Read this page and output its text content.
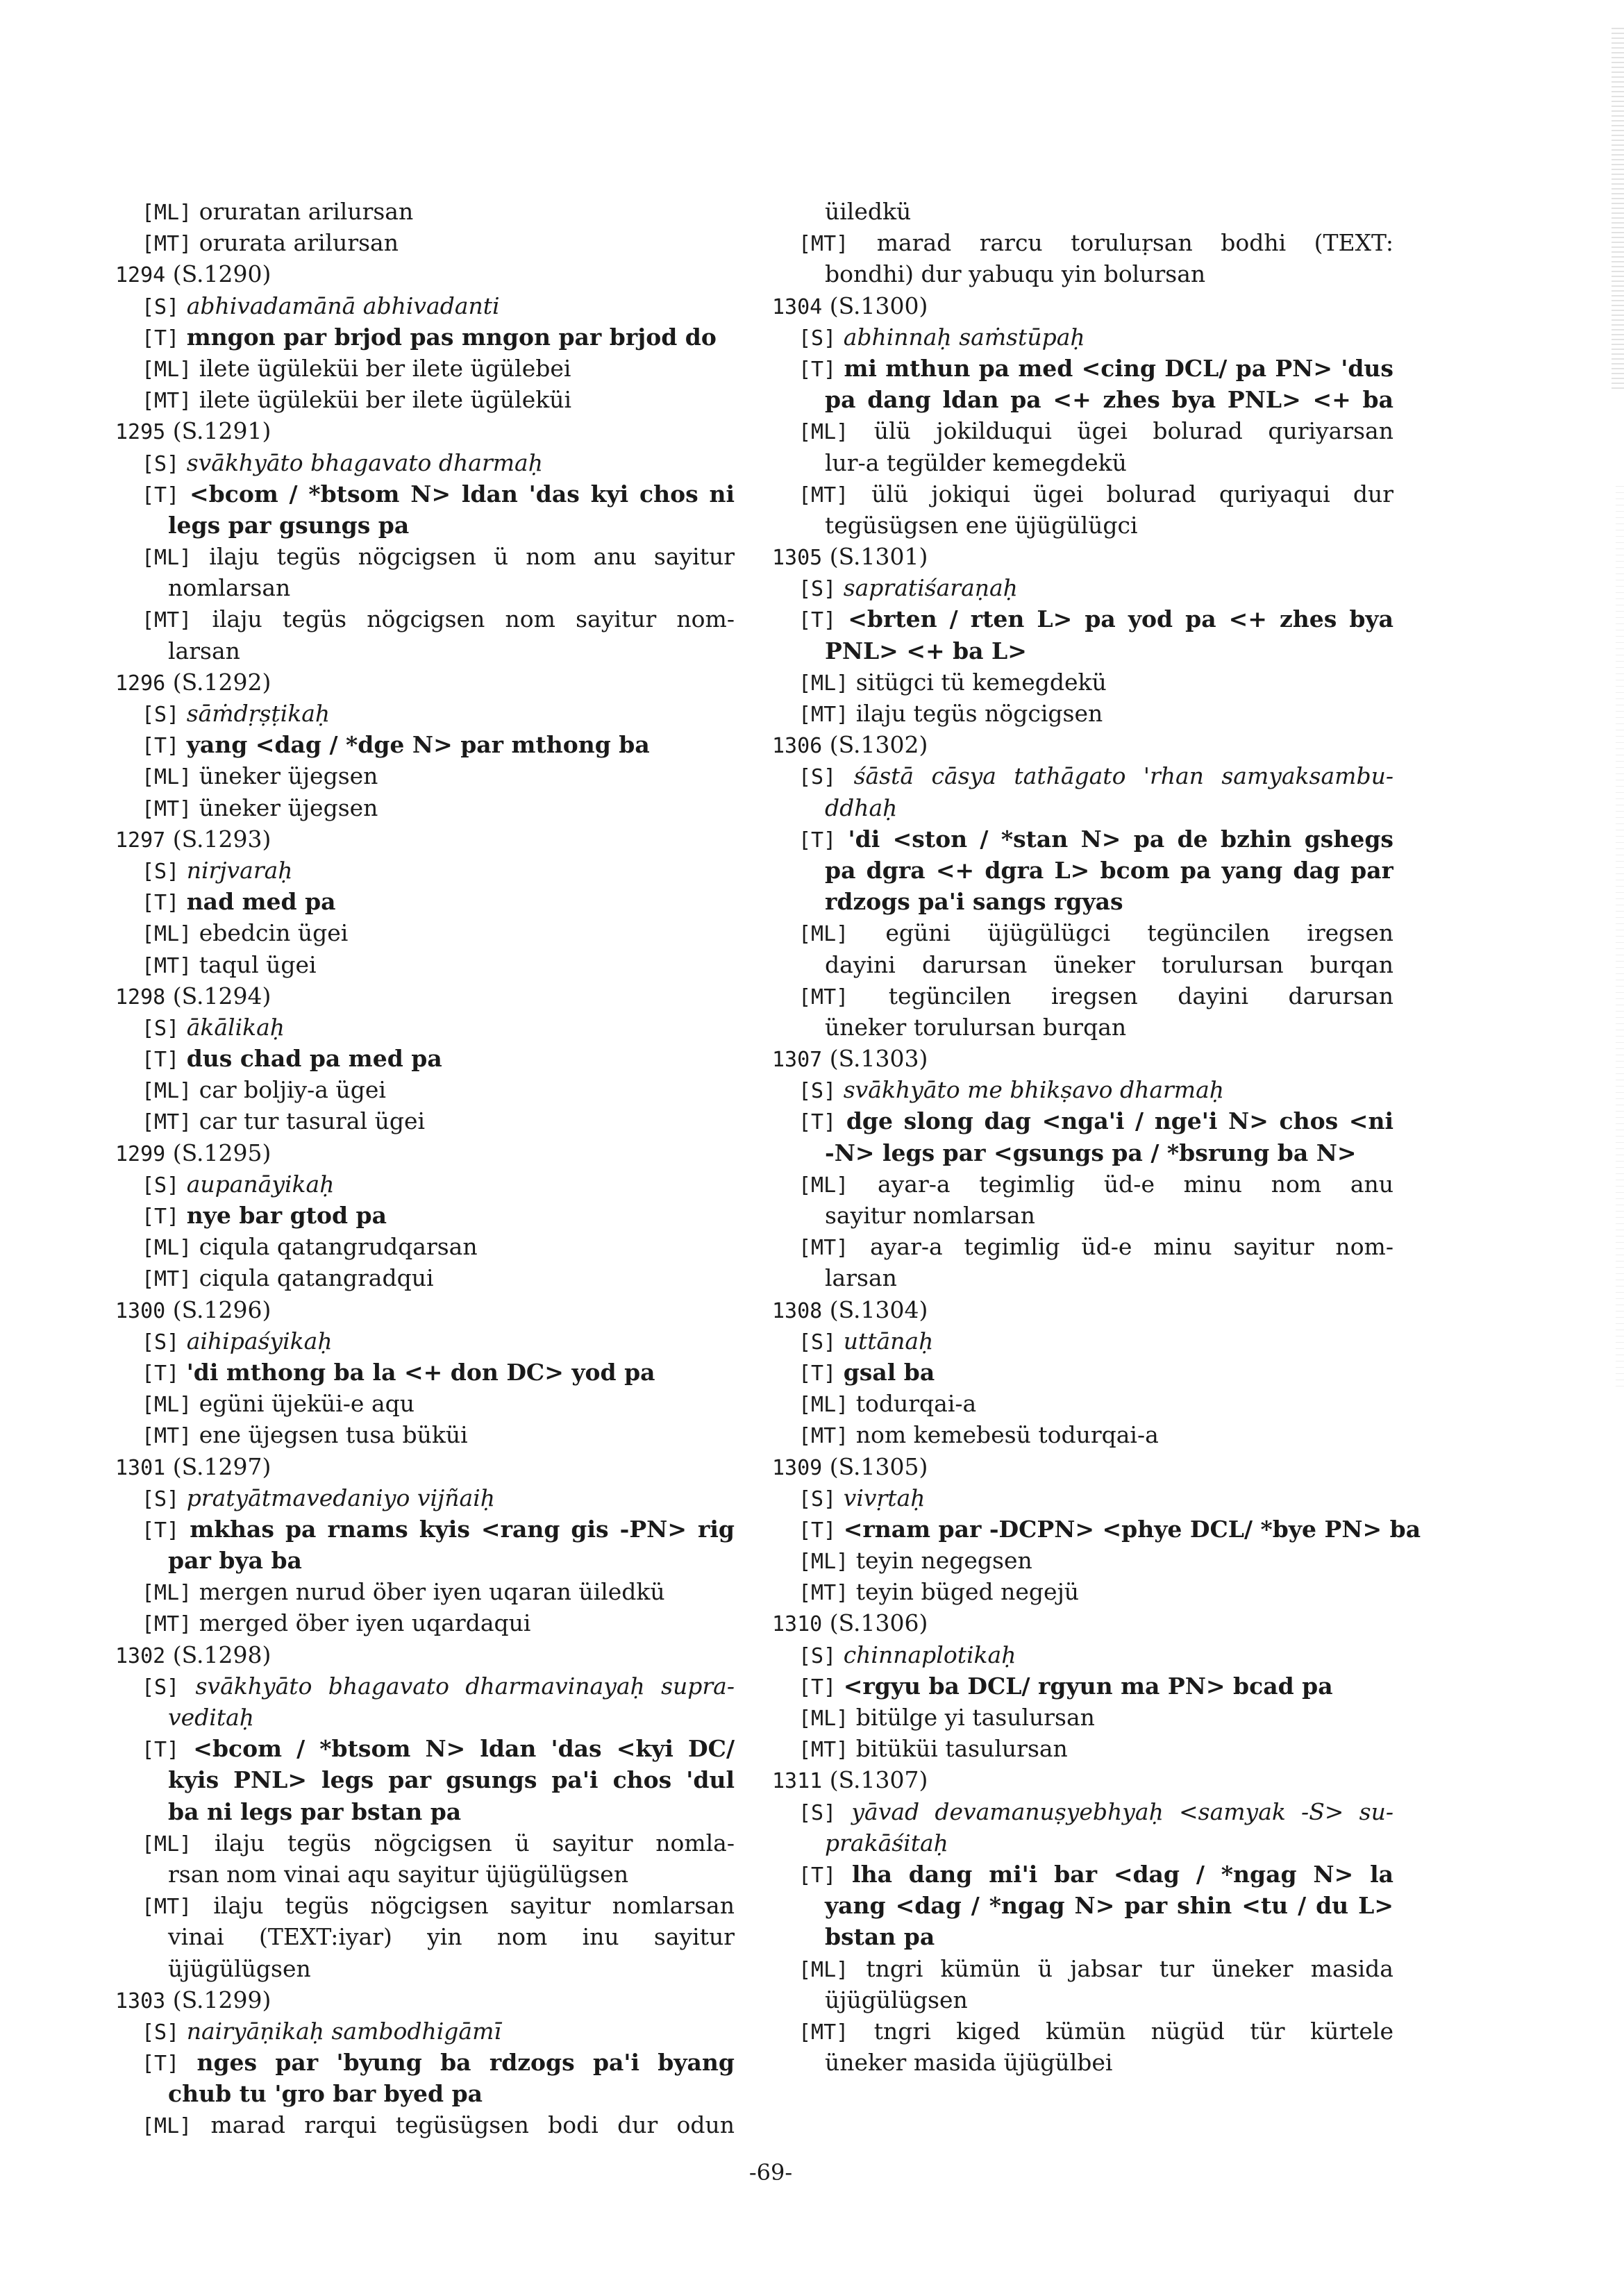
[ML] oruratan arilursan
[MT] orurata arilursan
1294 (S.1290)
[S] abhivadamānā abhivadanti
[T] mngon par brjod pas mngon par brjod do
[ML] ilete ügüleküi ber ilete ügülebei
[MT] ilete ügüleküi ber ilete ügüleküi
1295 (S.1291)
[S] svākhyāto bhagavato dharmaḥ
[T] <bcom / *btsom N> ldan 'das kyi chos ni
legs par gsungs pa
[ML] ilaju tegüs nögcigsen ü nom anu sayitur
nomlarsan
[MT] ilaju tegüs nögcigsen nom sayitur nom-
larsan
1296 (S.1292)
[S] sāṁdṛṣṭikaḥ
[T] yang <dag / *dge N> par mthong ba
[ML] üneker üjegsen
[MT] üneker üjegsen
1297 (S.1293)
[S] nirjvaraḥ
[T] nad med pa
[ML] ebedcin ügei
[MT] taqul ügei
1298 (S.1294)
[S] ākālikaḥ
[T] dus chad pa med pa
[ML] car boljiy-a ügei
[MT] car tur tasural ügei
1299 (S.1295)
[S] aupanāyikaḥ
[T] nye bar gtod pa
[ML] ciqula qatangrudqarsan
[MT] ciqula qatangradqui
1300 (S.1296)
[S] aihipaśyikaḥ
[T] 'di mthong ba la <+ don DC> yod pa
[ML] egüni üjeküi-e aqu
[MT] ene üjegsen tusa büküi
1301 (S.1297)
[S] pratyātmavedaniyo vijñaiḥ
[T] mkhas pa rnams kyis <rang gis -PN> rig
par bya ba
[ML] mergen nurud öber iyen uqaran üiledkü
[MT] merged öber iyen uqardaqui
1302 (S.1298)
[S] svākhyāto bhagavato dharmavinayaḥ supra-
veditaḥ
[T] <bcom / *btsom N> ldan 'das <kyi DC/
kyis PNL> legs par gsungs pa'i chos 'dul
ba ni legs par bstan pa
[ML] ilaju tegüs nögcigsen ü sayitur nomla-
rsan nom vinai aqu sayitur üjügülügsen
[MT] ilaju tegüs nögcigsen sayitur nomlarsan
vinai (TEXT:iyar) yin nom inu sayitur
üjügülügsen
1303 (S.1299)
[S] nairyāṇikaḥ sambodhigāmī
[T] nges par 'byung ba rdzogs pa'i byang
chub tu 'gro bar byed pa
[ML] marad rarqui tegüsügsen bodi dur odun
üiledkü
[MT] marad rarcu toruluṛsan bodhi (TEXT:
bondhi) dur yabuqu yin bolursan
1304 (S.1300)
[S] abhinnaḥ saṁstūpaḥ
[T] mi mthun pa med <cing DCL/ pa PN> 'dus
pa dang ldan pa <+ zhes bya PNL> <+ ba
[ML] ülü jokilduqui ügei bolurad quriyarsan
lur-a tegülder kemegdekü
[MT] ülü jokiqui ügei bolurad quriyaqui dur
tegüsügsen ene üjügülügci
1305 (S.1301)
[S] sapratiśaraṇaḥ
[T] <brten / rten L> pa yod pa <+ zhes bya
PNL> <+ ba L>
[ML] sitügci tü kemegdekü
[MT] ilaju tegüs nögcigsen
1306 (S.1302)
[S] śāstā cāsya tathāgato 'rhan samyaksambu-
ddhaḥ
[T] 'di <ston / *stan N> pa de bzhin gshegs
pa dgra <+ dgra L> bcom pa yang dag par
rdzogs pa'i sangs rgyas
[ML] egüni üjügülügci tegüncilen iregsen
dayini darursan üneker torulursan burqan
[MT] tegüncilen iregsen dayini darursan
üneker torulursan burqan
1307 (S.1303)
[S] svākhyāto me bhikṣavo dharmaḥ
[T] dge slong dag <nga'i / nge'i N> chos <ni
-N> legs par <gsungs pa / *bsrung ba N>
[ML] ayar-a tegimlig üd-e minu nom anu
sayitur nomlarsan
[MT] ayar-a tegimlig üd-e minu sayitur nom-
larsan
1308 (S.1304)
[S] uttānaḥ
[T] gsal ba
[ML] todurqai-a
[MT] nom kemebesü todurqai-a
1309 (S.1305)
[S] vivṛtaḥ
[T] <rnam par -DCPN> <phye DCL/ *bye PN> ba
[ML] teyin negegsen
[MT] teyin büged negejü
1310 (S.1306)
[S] chinnaplotikaḥ
[T] <rgyu ba DCL/ rgyun ma PN> bcad pa
[ML] bitülge yi tasulursan
[MT] bitüküi tasulursan
1311 (S.1307)
[S] yāvad devamanuṣyebhyaḥ <samyak -S> su-
prakāśitaḥ
[T] lha dang mi'i bar <dag / *ngag N> la
yang <dag / *ngag N> par shin <tu / du L>
bstan pa
[ML] tngri kümün ü jabsar tur üneker masida
üjügülügsen
[MT] tngri kiged kümün nügüd tür kürtele
üneker masida üjügülbei
-69-
